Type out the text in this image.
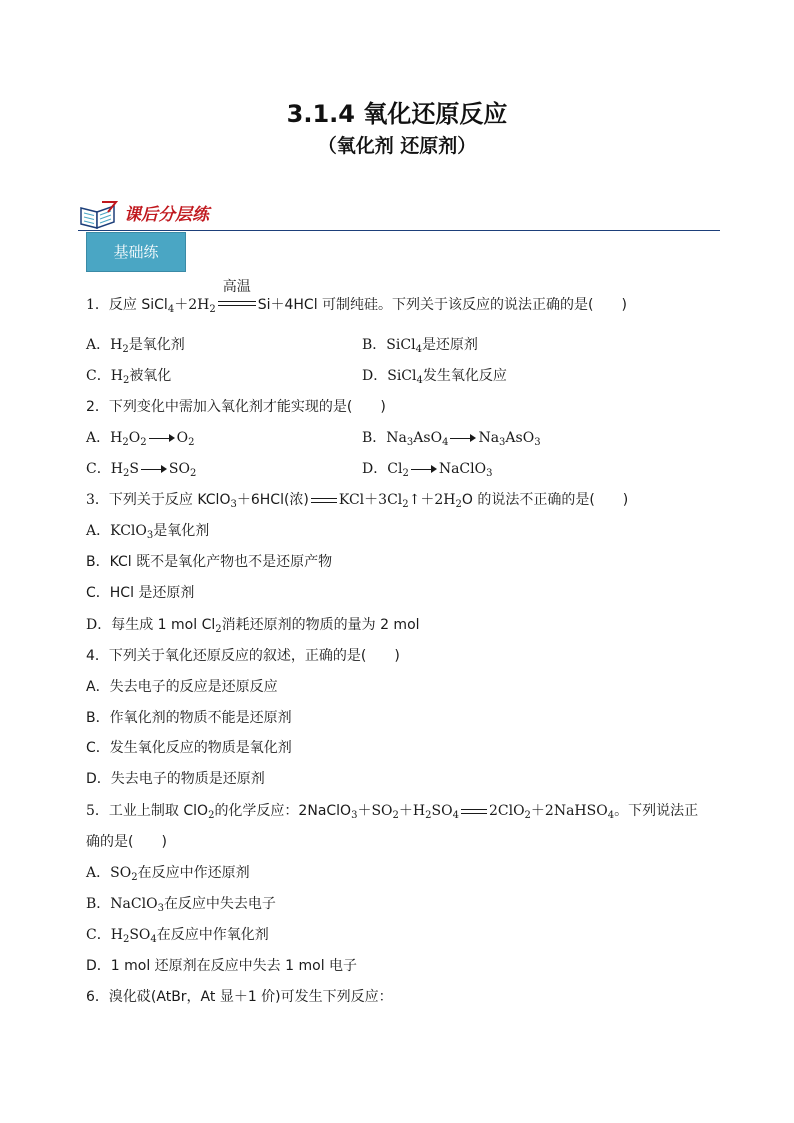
3.1.4 氧化还原反应
（氧化剂 还原剂）
课后分层练
基础练
1．反应 $SiCl_4+2H_2$
高温
Si＋4HCl 可制纯硅。下列关于该反应的说法正确的是(　　)
A．$H_2$是氧化剂	B．SiCl$_4$是还原剂
C．$H_2$被氧化	D．SiCl$_4$发生氧化反应
2．下列变化中需加入氧化剂才能实现的是(　　)
A．$H_2O_2$ $O_2$	B．$Na_3AsO_4$ $Na_3AsO_3$
C．$H_2S$ $SO_2$	D．$Cl_2$ NaClO$_3$
3．下列关于反应 KClO$_3$＋6HCl(浓) $KCl+3Cl_2↑+2H_2O$ 的说法不正确的是(　　)
A．KClO$_3$是氧化剂
B．KCl 既不是氧化产物也不是还原产物
C．HCl 是还原剂
D．每生成 1 mol $Cl_2$消耗还原剂的物质的量为 2 mol
4．下列关于氧化还原反应的叙述，正确的是(　　)
A．失去电子的反应是还原反应
B．作氧化剂的物质不能是还原剂
C．发生氧化反应的物质是氧化剂
D．失去电子的物质是还原剂
5．工业上制取 ClO$_2$的化学反应：$2NaClO_3+SO_2+H_2SO_4$ 2ClO$_2$＋2NaHSO$_4$。下列说法正
确的是(　　)
A．$SO_2$在反应中作还原剂
B．NaClO$_3$在反应中失去电子
C．$H_2SO_4$在反应中作氧化剂
D．1 mol 还原剂在反应中失去 1 mol 电子
6．溴化砹(AtBr，At 显＋1 价)可发生下列反应：
